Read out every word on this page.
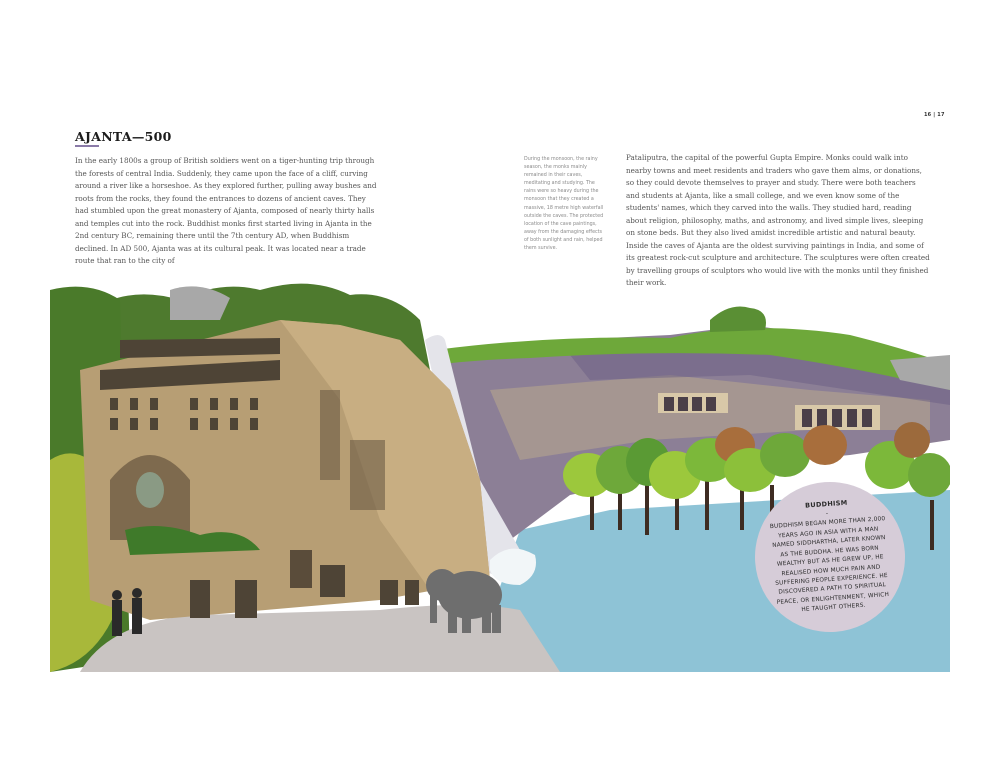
16 | 17
AJANTA—500

In the early 1800s a group of British soldiers went on a tiger-hunting trip through the forests of central India. Suddenly, they came upon the face of a cliff, curving around a river like a horseshoe. As they explored further, pulling away bushes and roots from the rocks, they found the entrances to dozens of ancient caves. They had stumbled upon the great monastery of Ajanta, composed of nearly thirty halls and temples cut into the rock. Buddhist monks first started living in Ajanta in the 2nd century BC, remaining there until the 7th century AD, when Buddhism declined. In AD 500, Ajanta was at its cultural peak. It was located near a trade route that ran to the city of

During the monsoon, the rainy season, the monks mainly remained in their caves, meditating and studying. The rains were so heavy during the monsoon that they created a massive, 18 metre high waterfall outside the caves. The protected location of the cave paintings, away from the damaging effects of both sunlight and rain, helped them survive.

Pataliputra, the capital of the powerful Gupta Empire. Monks could walk into nearby towns and meet residents and traders who gave them alms, or donations, so they could devote themselves to prayer and study. There were both teachers and students at Ajanta, like a small college, and we even know some of the students' names, which they carved into the walls. They studied hard, reading about religion, philosophy, maths, and astronomy, and lived simple lives, sleeping on stone beds. But they also lived amidst incredible artistic and natural beauty. Inside the caves of Ajanta are the oldest surviving paintings in India, and some of its greatest rock-cut sculpture and architecture. The sculptures were often created by travelling groups of sculptors who would live with the monks until they finished their work.

BUDDHISM
-
BUDDHISM BEGAN MORE THAN 2,000 YEARS AGO IN ASIA WITH A MAN NAMED SIDDHARTHA, LATER KNOWN AS THE BUDDHA. HE WAS BORN WEALTHY BUT AS HE GREW UP, HE REALISED HOW MUCH PAIN AND SUFFERING PEOPLE EXPERIENCE. HE DISCOVERED A PATH TO SPIRITUAL PEACE, OR ENLIGHTENMENT, WHICH HE TAUGHT OTHERS.
